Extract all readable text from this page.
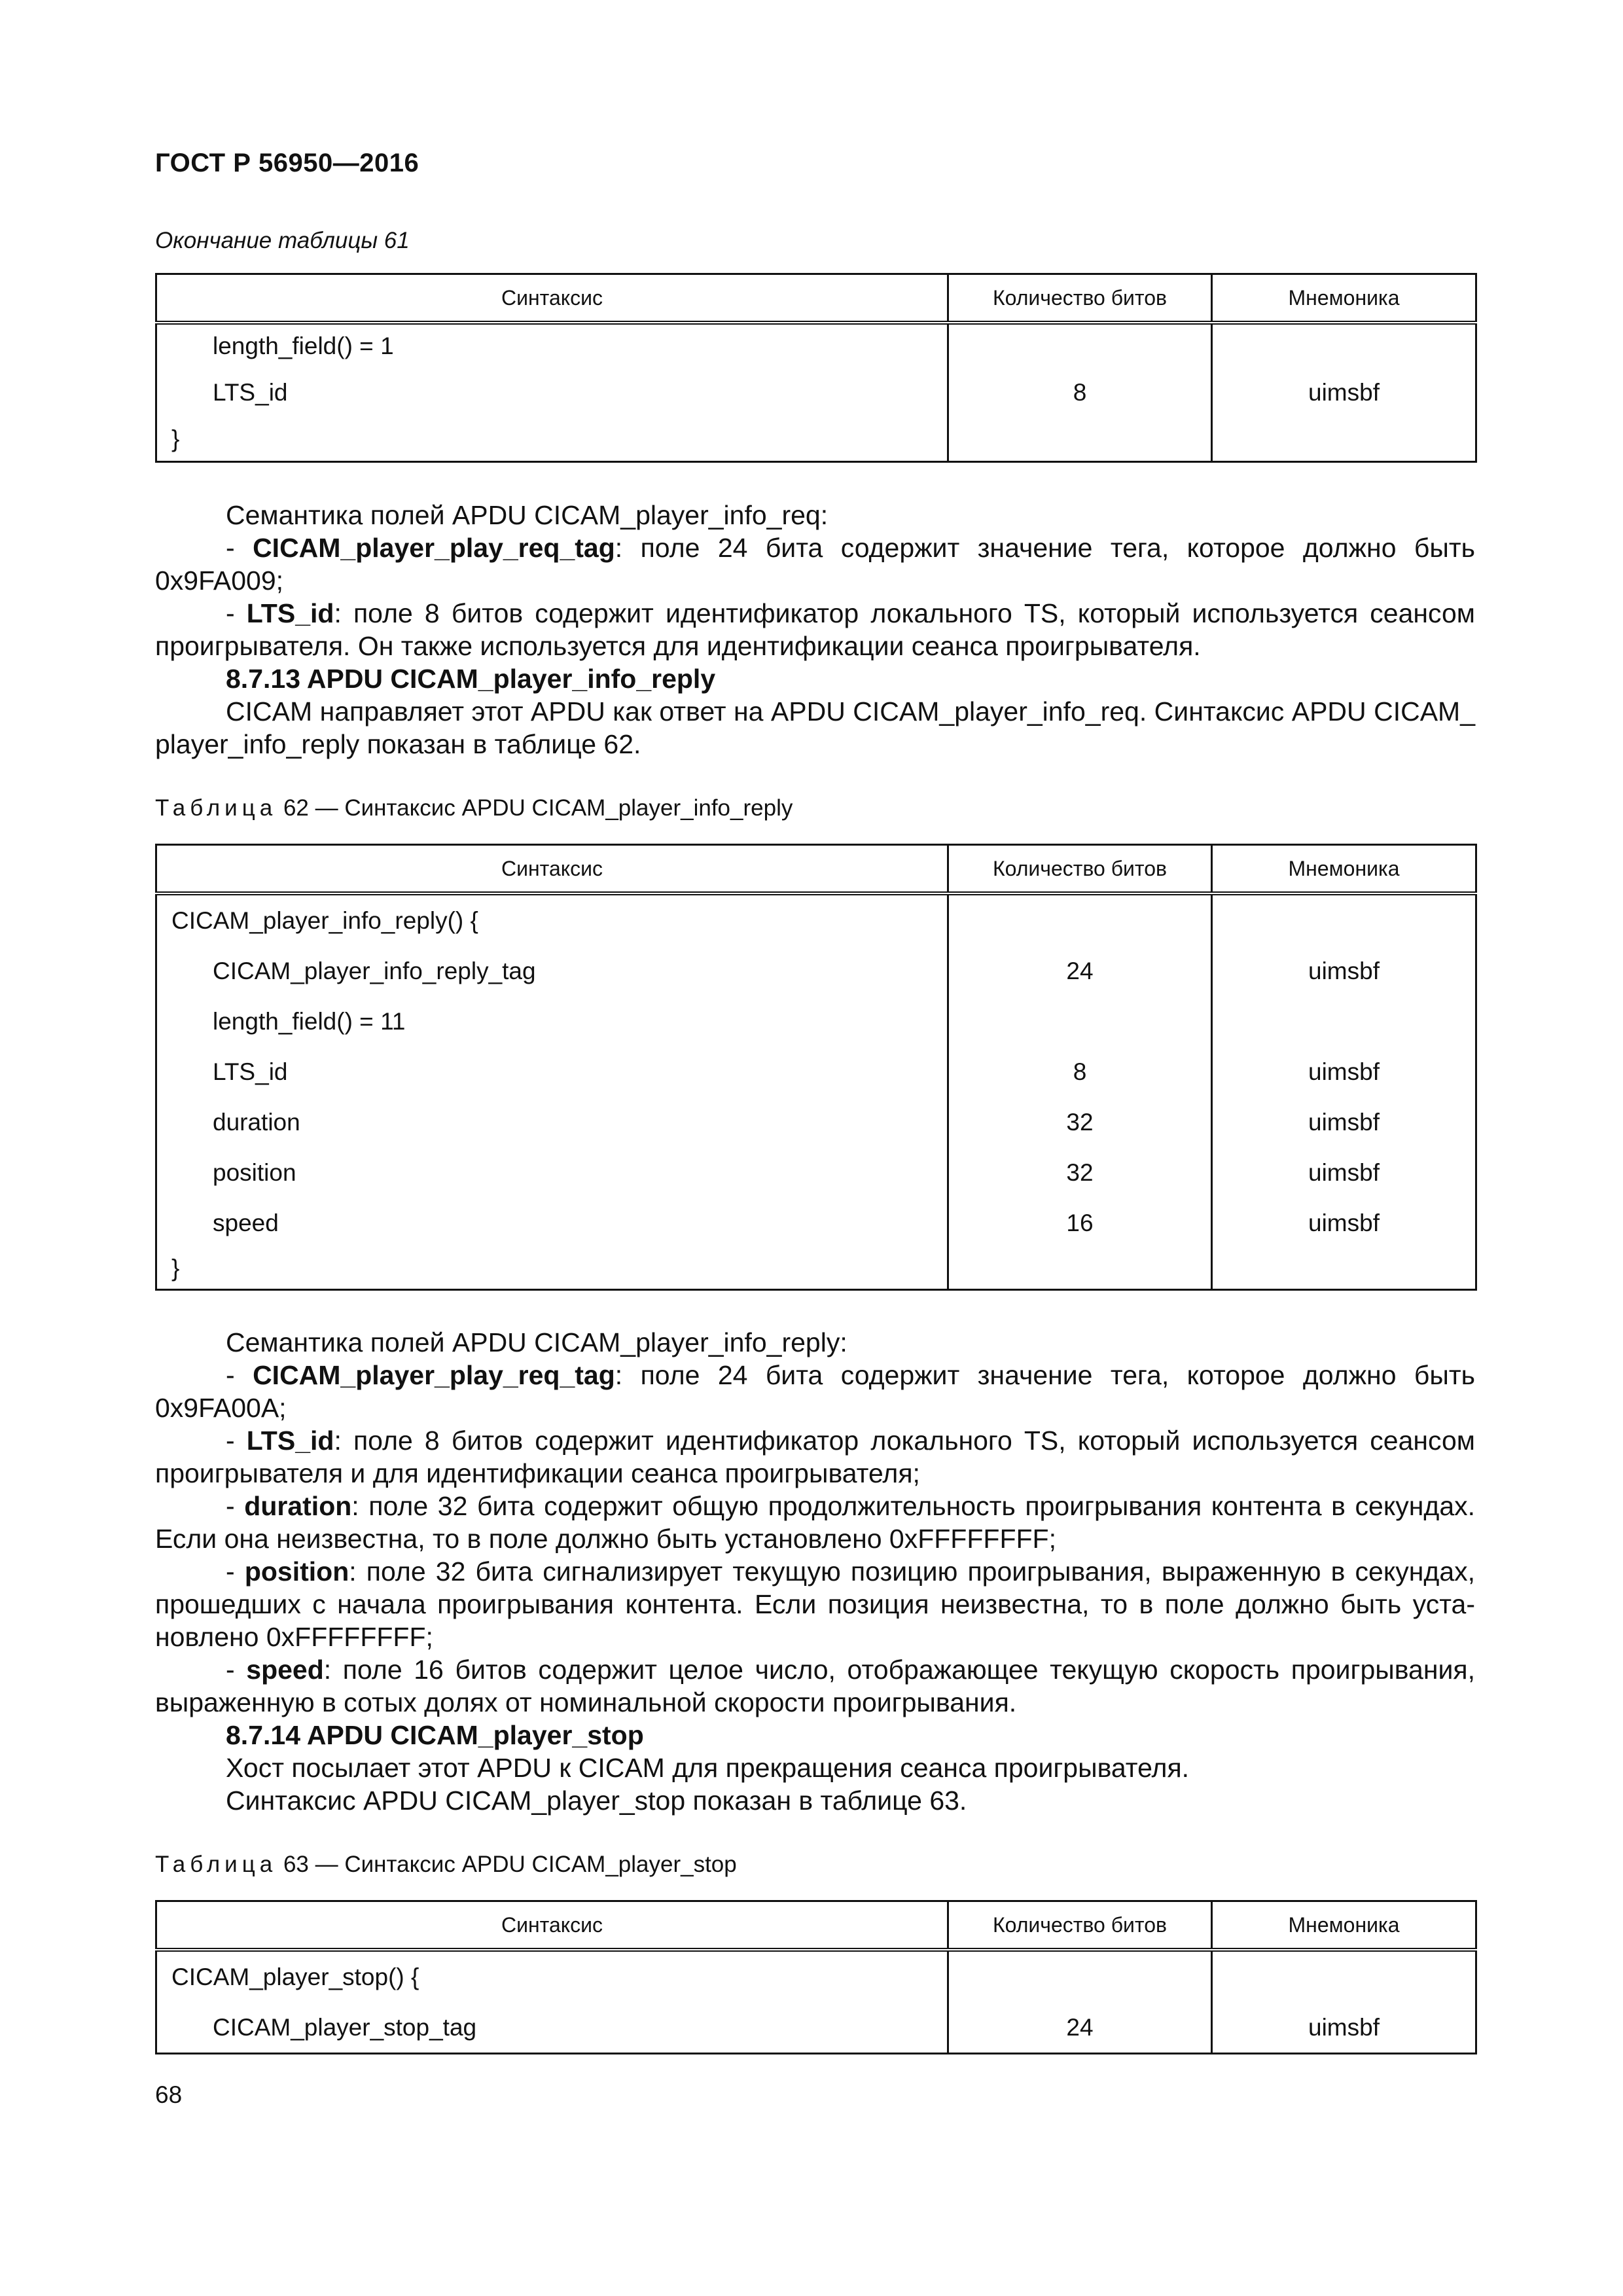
ГОСТ Р 56950—2016
Окончание таблицы 61
Синтаксис	Количество битов	Мнемоника
length_field() = 1		
LTS_id	8	uimsbf
}		
Семантика полей APDU CICAM_player_info_req:
- CICAM_player_play_req_tag: поле 24 бита содержит значение тега, которое должно быть
0x9FA009;
- LTS_id: поле 8 битов содержит идентификатор локального TS, который используется сеансом
проигрывателя. Он также используется для идентификации сеанса проигрывателя.
8.7.13 APDU CICAM_player_info_reply
CICAM направляет этот APDU как ответ на APDU CICAM_player_info_req. Синтаксис APDU CICAM_
player_info_reply показан в таблице 62.
Таблица 62 — Синтаксис APDU CICAM_player_info_reply
Синтаксис	Количество битов	Мнемоника
CICAM_player_info_reply() {		
CICAM_player_info_reply_tag	24	uimsbf
length_field() = 11		
LTS_id	8	uimsbf
duration	32	uimsbf
position	32	uimsbf
speed	16	uimsbf
}		
Семантика полей APDU CICAM_player_info_reply:
- CICAM_player_play_req_tag: поле 24 бита содержит значение тега, которое должно быть
0x9FA00A;
- LTS_id: поле 8 битов содержит идентификатор локального TS, который используется сеансом
проигрывателя и для идентификации сеанса проигрывателя;
- duration: поле 32 бита содержит общую продолжительность проигрывания контента в секундах.
Если она неизвестна, то в поле должно быть установлено 0xFFFFFFFF;
- position: поле 32 бита сигнализирует текущую позицию проигрывания, выраженную в секундах,
прошедших с начала проигрывания контента. Если позиция неизвестна, то в поле должно быть уста-
новлено 0xFFFFFFFF;
- speed: поле 16 битов содержит целое число, отображающее текущую скорость проигрывания,
выраженную в сотых долях от номинальной скорости проигрывания.
8.7.14 APDU CICAM_player_stop
Хост посылает этот APDU к CICAM для прекращения сеанса проигрывателя.
Синтаксис APDU CICAM_player_stop показан в таблице 63.
Таблица 63 — Синтаксис APDU CICAM_player_stop
Синтаксис	Количество битов	Мнемоника
CICAM_player_stop() {		
CICAM_player_stop_tag	24	uimsbf
68
